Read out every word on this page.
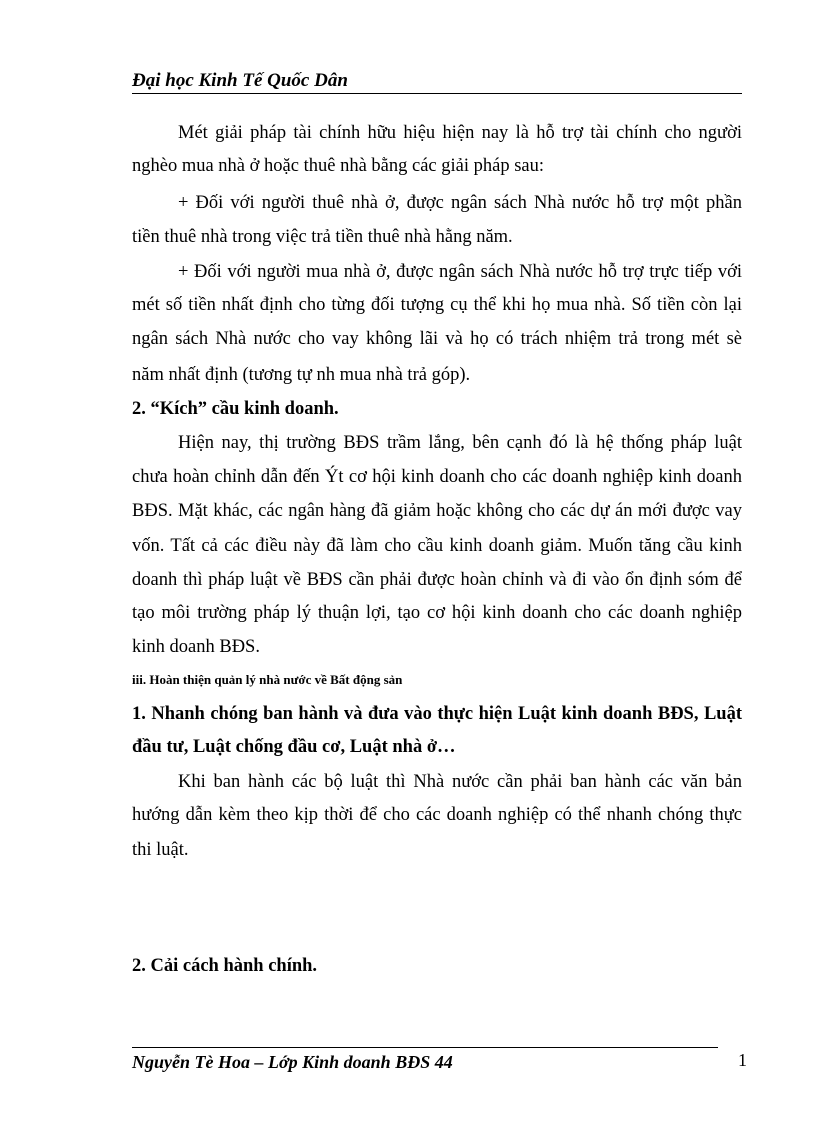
Đại học Kinh Tế Quốc Dân
Mét giải pháp tài chính hữu hiệu hiện nay là hỗ trợ tài chính cho người
nghèo mua nhà ở hoặc thuê nhà bằng các giải pháp sau:
+ Đối với người thuê nhà ở, được ngân sách Nhà nước hỗ trợ một phần
tiền thuê nhà trong việc trả tiền thuê nhà hằng năm.
+ Đối với người mua nhà ở, được ngân sách Nhà nước hỗ trợ trực tiếp với
mét số tiền nhất định cho từng đối tượng cụ thể khi họ mua nhà. Số tiền còn lại
ngân sách Nhà nước cho vay không lãi và họ có trách nhiệm trả trong mét sè
năm nhất định (tương tự nh mua nhà trả góp).
2. “Kích” cầu kinh doanh.
Hiện nay, thị trường BĐS trầm lắng, bên cạnh đó là hệ thống pháp luật
chưa hoàn chỉnh dẫn đến Ýt cơ hội kinh doanh cho các doanh nghiệp kinh doanh
BĐS. Mặt khác, các ngân hàng đã giảm hoặc không cho các dự án mới được vay
vốn. Tất cả các điều này đã làm cho cầu kinh doanh giảm. Muốn tăng cầu kinh
doanh thì pháp luật về BĐS cần phải được hoàn chỉnh và đi vào ổn định sóm để
tạo môi trường pháp lý thuận lợi, tạo cơ hội kinh doanh cho các doanh nghiệp
kinh doanh BĐS.
iii. Hoàn thiện quản lý nhà nước về Bất động sản
1. Nhanh chóng ban hành và đưa vào thực hiện Luật kinh doanh BĐS, Luật
đầu tư, Luật chống đầu cơ, Luật nhà ở…
Khi ban hành các bộ luật thì Nhà nước cần phải ban hành các văn bản
hướng dẫn kèm theo kịp thời để cho các doanh nghiệp có thể nhanh chóng thực
thi luật.
2. Cải cách hành chính.
Nguyễn Tè Hoa – Lớp Kinh doanh BĐS 44	1
